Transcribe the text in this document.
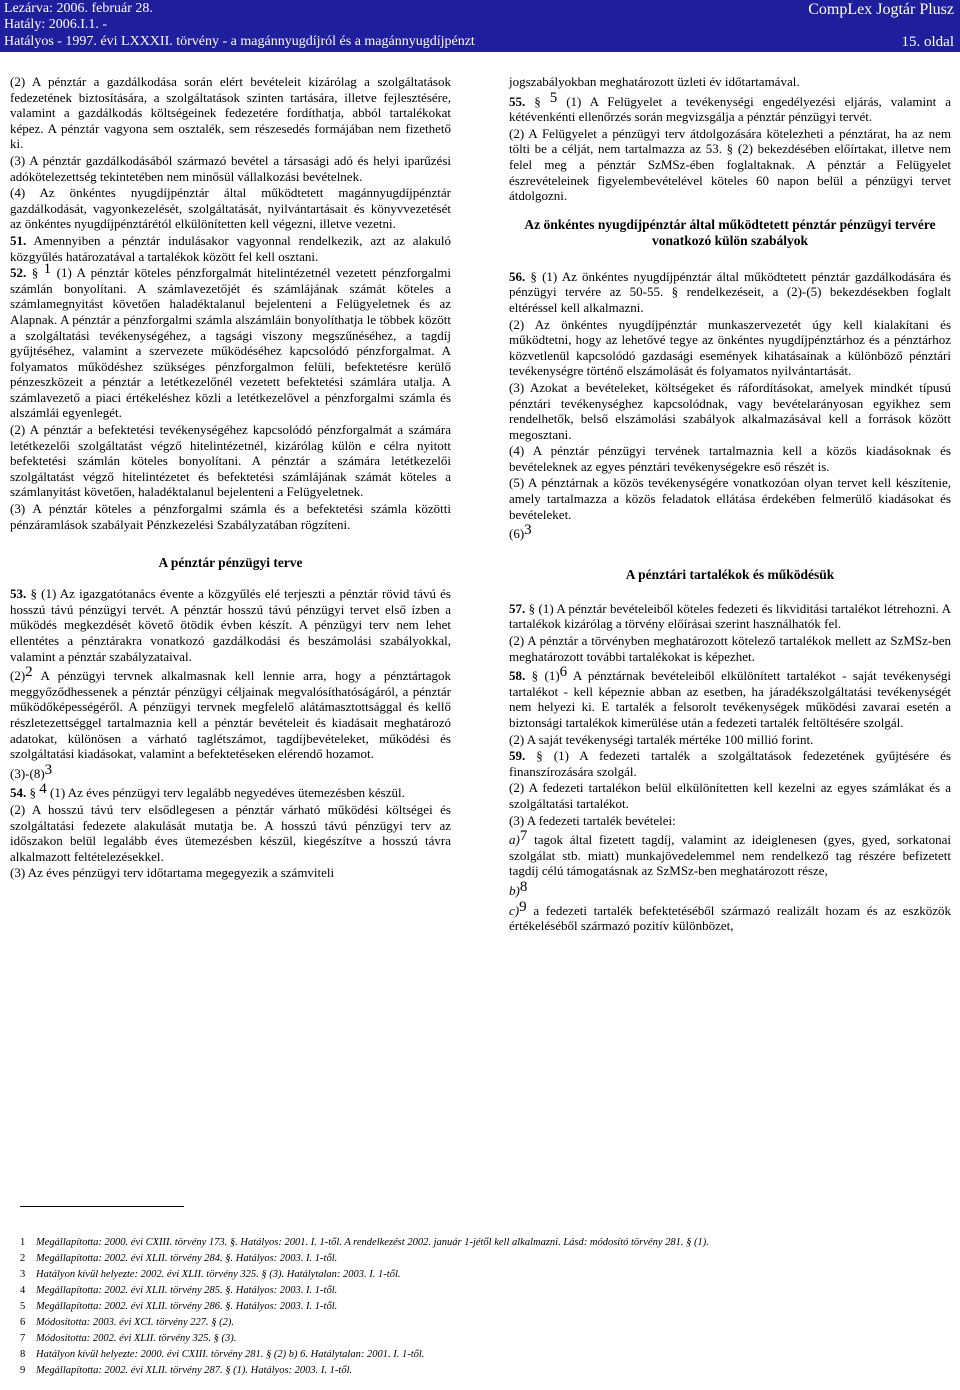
Lezárva: 2006. február 28.
Hatály: 2006.I.1. -
Hatályos - 1997. évi LXXXII. törvény - a magánnyugdíjról és a magánnyugdíjpénzt
CompLex Jogtár Plusz
15. oldal

(2) A pénztár a gazdálkodása során elért bevételeit kizárólag a szolgáltatások fedezetének biztosítására, a szolgáltatások szinten tartására, illetve fejlesztésére, valamint a gazdálkodás költségeinek fedezetére fordíthatja, abból tartalékokat képez. A pénztár vagyona sem osztalék, sem részesedés formájában nem fizethető ki.

(3) A pénztár gazdálkodásából származó bevétel a társasági adó és helyi iparűzési adókötelezettség tekintetében nem minősül vállalkozási bevételnek.

(4) Az önkéntes nyugdíjpénztár által működtetett magánnyugdíjpénztár gazdálkodását, vagyonkezelését, szolgáltatását, nyilvántartásait és könyvvezetését az önkéntes nyugdíjpénztárétól elkülönítetten kell végezni, illetve vezetni.

51. Amennyiben a pénztár indulásakor vagyonnal rendelkezik, azt az alakuló közgyűlés határozatával a tartalékok között fel kell osztani.

52. § $^1$ (1) A pénztár köteles pénzforgalmát hitelintézetnél vezetett pénzforgalmi számlán bonyolítani. A számlavezetőjét és számlájának számát köteles a számlamegnyitást követően haladéktalanul bejelenteni a Felügyeletnek és az Alapnak. A pénztár a pénzforgalmi számla alszámláin bonyolíthatja le többek között a szolgáltatási tevékenységéhez, a tagsági viszony megszűnéséhez, a tagdíj gyűjtéséhez, valamint a szervezete működéséhez kapcsolódó pénzforgalmat. A folyamatos működéshez szükséges pénzforgalmon felüli, befektetésre kerülő pénzeszközeit a pénztár a letétkezelőnél vezetett befektetési számlára utalja. A számlavezető a piaci értékeléshez közli a letétkezelővel a pénzforgalmi számla és alszámlái egyenlegét.

(2) A pénztár a befektetési tevékenységéhez kapcsolódó pénzforgalmát a számára letétkezelői szolgáltatást végző hitelintézetnél, kizárólag külön e célra nyitott befektetési számlán köteles bonyolítani. A pénztár a számára letétkezelői szolgáltatást végző hitelintézetet és befektetési számlájának számát köteles a számlanyitást követően, haladéktalanul bejelenteni a Felügyeletnek.

(3) A pénztár köteles a pénzforgalmi számla és a befektetési számla közötti pénzáramlások szabályait Pénzkezelési Szabályzatában rögzíteni.

A pénztár pénzügyi terve

53. § (1) Az igazgatótanács évente a közgyűlés elé terjeszti a pénztár rövid távú és hosszú távú pénzügyi tervét. A pénztár hosszú távú pénzügyi tervet első ízben a működés megkezdését követő ötödik évben készít. A pénzügyi terv nem lehet ellentétes a pénztárakra vonatkozó gazdálkodási és beszámolási szabályokkal, valamint a pénztár szabályzataival.

$(2)^2$ A pénzügyi tervnek alkalmasnak kell lennie arra, hogy a pénztártagok meggyőződhessenek a pénztár pénzügyi céljainak megvalósíthatóságáról, a pénztár működőképességéről. A pénzügyi tervnek megfelelő alátámasztottsággal és kellő részletezettséggel tartalmaznia kell a pénztár bevételeit és kiadásait meghatározó adatokat, különösen a várható taglétszámot, tagdíjbevételeket, működési és szolgáltatási kiadásokat, valamint a befektetéseken elérendő hozamot.

$(3)-(8)^3$

54. § $^4$ (1) Az éves pénzügyi terv legalább negyedéves ütemezésben készül.

(2) A hosszú távú terv elsődlegesen a pénztár várható működési költségei és szolgáltatási fedezete alakulását mutatja be. A hosszú távú pénzügyi terv az időszakon belül legalább éves ütemezésben készül, kiegészítve a hosszú távra alkalmazott feltételezésekkel.

(3) Az éves pénzügyi terv időtartama megegyezik a számviteli

jogszabályokban meghatározott üzleti év időtartamával.

55. § $^5$ (1) A Felügyelet a tevékenységi engedélyezési eljárás, valamint a kétévenkénti ellenőrzés során megvizsgálja a pénztár pénzügyi tervét.

(2) A Felügyelet a pénzügyi terv átdolgozására kötelezheti a pénztárat, ha az nem tölti be a célját, nem tartalmazza az 53. § (2) bekezdésében előírtakat, illetve nem felel meg a pénztár SzMSz-ében foglaltaknak. A pénztár a Felügyelet észrevételeinek figyelembevételével köteles 60 napon belül a pénzügyi tervet átdolgozni.

Az önkéntes nyugdíjpénztár által működtetett pénztár pénzügyi tervére vonatkozó külön szabályok

56. § (1) Az önkéntes nyugdíjpénztár által működtetett pénztár gazdálkodására és pénzügyi tervére az 50-55. § rendelkezéseit, a (2)-(5) bekezdésekben foglalt eltéréssel kell alkalmazni.

(2) Az önkéntes nyugdíjpénztár munkaszervezetét úgy kell kialakítani és működtetni, hogy az lehetővé tegye az önkéntes nyugdíjpénztárhoz és a pénztárhoz közvetlenül kapcsolódó gazdasági események kihatásainak a különböző pénztári tevékenységre történő elszámolását és folyamatos nyilvántartását.

(3) Azokat a bevételeket, költségeket és ráfordításokat, amelyek mindkét típusú pénztári tevékenységhez kapcsolódnak, vagy bevételarányosan egyikhez sem rendelhetők, belső elszámolási szabályok alkalmazásával kell a források között megosztani.

(4) A pénztár pénzügyi tervének tartalmaznia kell a közös kiadásoknak és bevételeknek az egyes pénztári tevékenységekre eső részét is.

(5) A pénztárnak a közös tevékenységére vonatkozóan olyan tervet kell készítenie, amely tartalmazza a közös feladatok ellátása érdekében felmerülő kiadásokat és bevételeket.

$(6)^3$

A pénztári tartalékok és működésük

57. § (1) A pénztár bevételeiből köteles fedezeti és likviditási tartalékot létrehozni. A tartalékok kizárólag a törvény előírásai szerint használhatók fel.

(2) A pénztár a törvényben meghatározott kötelező tartalékok mellett az SzMSz-ben meghatározott további tartalékokat is képezhet.

58. § $(1)^6$ A pénztárnak bevételeiből elkülönített tartalékot - saját tevékenységi tartalékot - kell képeznie abban az esetben, ha járadékszolgáltatási tevékenységét nem helyezi ki. E tartalék a felsorolt tevékenységek működési zavarai esetén a biztonsági tartalékok kimerülése után a fedezeti tartalék feltöltésére szolgál.

(2) A saját tevékenységi tartalék mértéke 100 millió forint.

59. § (1) A fedezeti tartalék a szolgáltatások fedezetének gyűjtésére és finanszírozására szolgál.

(2) A fedezeti tartalékon belül elkülönítetten kell kezelni az egyes számlákat és a szolgáltatási tartalékot.

(3) A fedezeti tartalék bevételei:

a)$^7$ tagok által fizetett tagdíj, valamint az ideiglenesen (gyes, gyed, sorkatonai szolgálat stb. miatt) munkajövedelemmel nem rendelkező tag részére befizetett tagdíj célú támogatásnak az SzMSz-ben meghatározott része,

b)$^8$

c)$^9$ a fedezeti tartalék befektetéséből származó realizált hozam és az eszközök értékeléséből származó pozitív különbözet,

1 Megállapította: 2000. évi CXIII. törvény 173. §. Hatályos: 2001. I. 1-től. A rendelkezést 2002. január 1-jétől kell alkalmazni. Lásd: módosító törvény 281. § (1).
2 Megállapította: 2002. évi XLII. törvény 284. §. Hatályos: 2003. I. 1-től.
3 Hatályon kívül helyezte: 2002. évi XLII. törvény 325. § (3). Hatálytalan: 2003. I. 1-től.
4 Megállapította: 2002. évi XLII. törvény 285. §. Hatályos: 2003. I. 1-től.
5 Megállapította: 2002. évi XLII. törvény 286. §. Hatályos: 2003. I. 1-től.
6 Módosította: 2003. évi XCI. törvény 227. § (2).
7 Módosította: 2002. évi XLII. törvény 325. § (3).
8 Hatályon kívül helyezte: 2000. évi CXIII. törvény 281. § (2) b) 6. Hatálytalan: 2001. I. 1-től.
9 Megállapította: 2002. évi XLII. törvény 287. § (1). Hatályos: 2003. I. 1-től.
